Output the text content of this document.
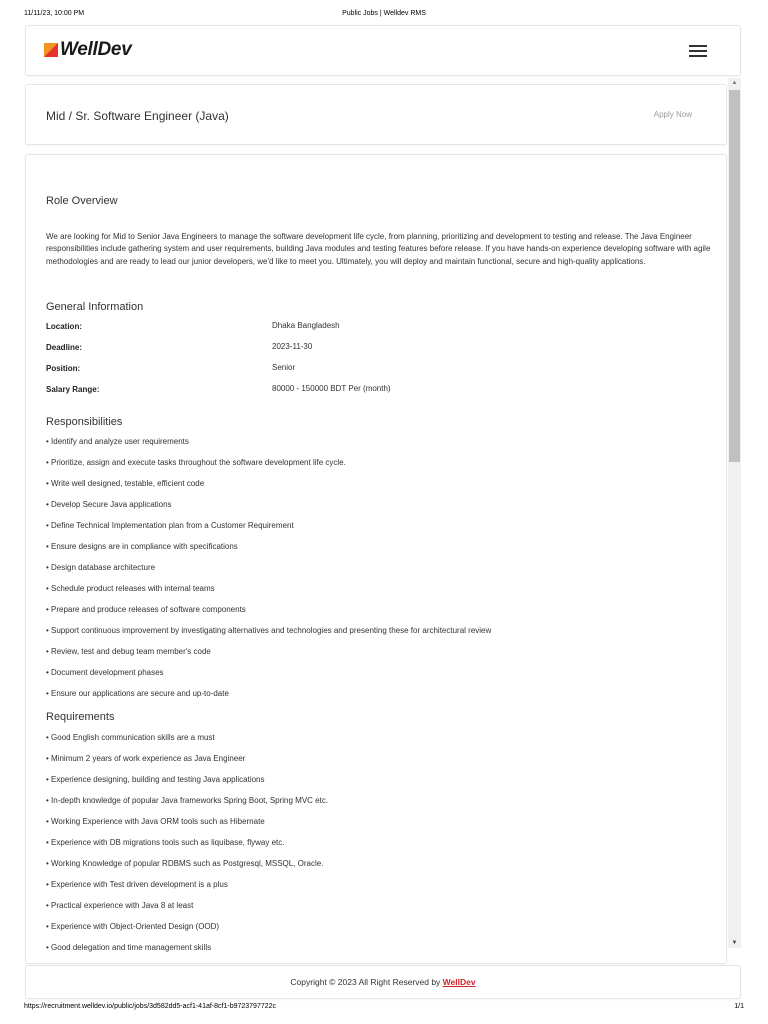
11/11/23, 10:00 PM	Public Jobs | Welldev RMS
WellDev
Mid / Sr. Software Engineer (Java)	Apply Now
Role Overview
We are looking for Mid to Senior Java Engineers to manage the software development life cycle, from planning, prioritizing and development to testing and release. The Java Engineer responsibilities include gathering system and user requirements, building Java modules and testing features before release. If you have hands-on experience developing software with agile methodologies and are ready to lead our junior developers, we'd like to meet you. Ultimately, you will deploy and maintain functional, secure and high-quality applications.
General Information
Location:	Dhaka Bangladesh
Deadline:	2023-11-30
Position:	Senior
Salary Range:	80000 - 150000 BDT Per (month)
Responsibilities
• Identify and analyze user requirements
• Prioritize, assign and execute tasks throughout the software development life cycle.
• Write well designed, testable, efficient code
• Develop Secure Java applications
• Define Technical Implementation plan from a Customer Requirement
• Ensure designs are in compliance with specifications
• Design database architecture
• Schedule product releases with internal teams
• Prepare and produce releases of software components
• Support continuous improvement by investigating alternatives and technologies and presenting these for architectural review
• Review, test and debug team member's code
• Document development phases
• Ensure our applications are secure and up-to-date
Requirements
• Good English communication skills are a must
• Minimum 2 years of work experience as Java Engineer
• Experience designing, building and testing Java applications
• In-depth knowledge of popular Java frameworks Spring Boot, Spring MVC etc.
• Working Experience with Java ORM tools such as Hibernate
• Experience with DB migrations tools such as liquibase, flyway etc.
• Working Knowledge of popular RDBMS such as Postgresql, MSSQL, Oracle.
• Experience with Test driven development is a plus
• Practical experience with Java 8 at least
• Experience with Object-Oriented Design (OOD)
• Good delegation and time management skills
▲
▼
Copyright © 2023 All Right Reserved by WellDev
https://recruitment.welldev.io/public/jobs/3d582dd5-acf1-41af-8cf1-b9723797722c	1/1
